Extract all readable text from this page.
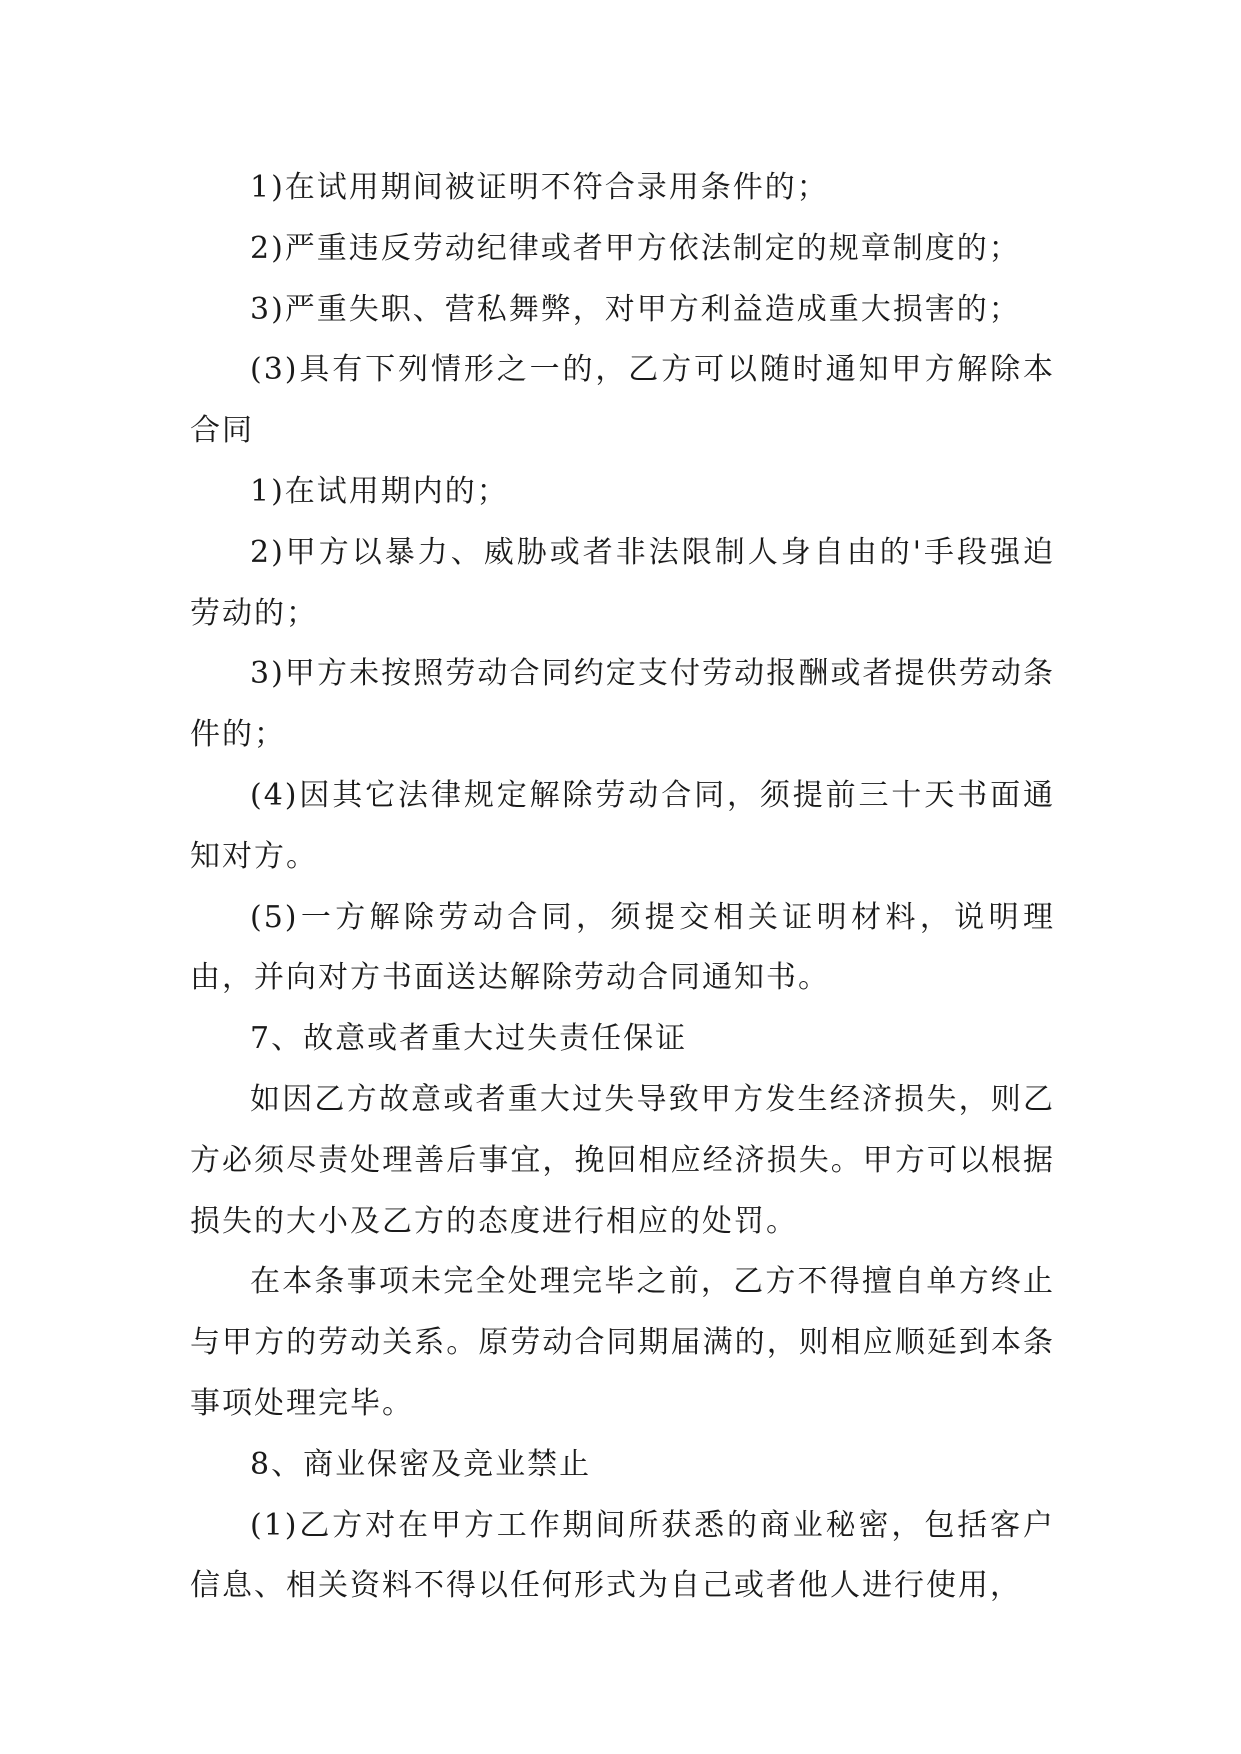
1)在试用期间被证明不符合录用条件的；

2)严重违反劳动纪律或者甲方依法制定的规章制度的；

3)严重失职、营私舞弊，对甲方利益造成重大损害的；

(3)具有下列情形之一的，乙方可以随时通知甲方解除本合同

1)在试用期内的；

2)甲方以暴力、威胁或者非法限制人身自由的'手段强迫劳动的；

3)甲方未按照劳动合同约定支付劳动报酬或者提供劳动条件的；

(4)因其它法律规定解除劳动合同，须提前三十天书面通知对方。

(5)一方解除劳动合同，须提交相关证明材料，说明理由，并向对方书面送达解除劳动合同通知书。

7、故意或者重大过失责任保证

如因乙方故意或者重大过失导致甲方发生经济损失，则乙方必须尽责处理善后事宜，挽回相应经济损失。甲方可以根据损失的大小及乙方的态度进行相应的处罚。

在本条事项未完全处理完毕之前，乙方不得擅自单方终止与甲方的劳动关系。原劳动合同期届满的，则相应顺延到本条事项处理完毕。

8、商业保密及竞业禁止

(1)乙方对在甲方工作期间所获悉的商业秘密，包括客户信息、相关资料不得以任何形式为自己或者他人进行使用，
